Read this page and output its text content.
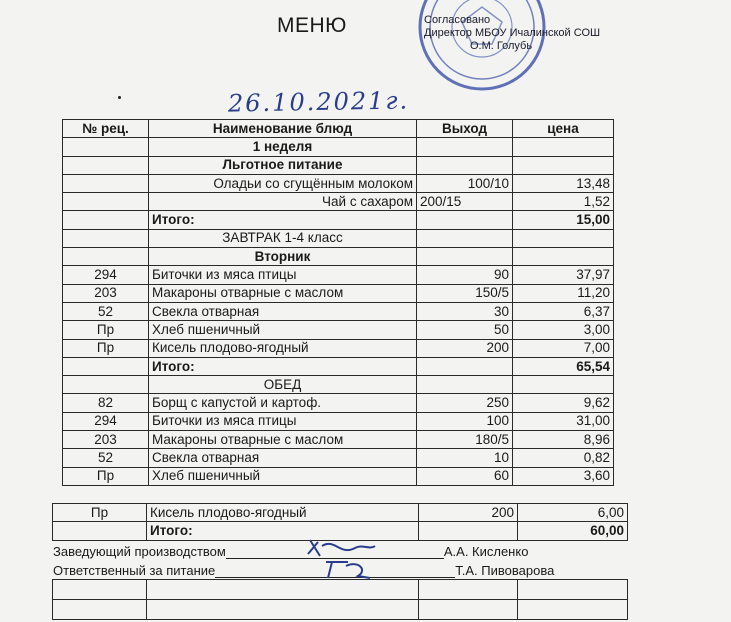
МЕНЮ	Согласовано
Директор МБОУ Ичалинской СОШ
О.М. Голубь
26.10.2021г.
№ рец.	Наименование блюд	Выход	цена
	1 неделя		
	Льготное питание		
	Оладьи со сгущённым молоком	100/10	13,48
	Чай с сахаром	200/15	1,52
	Итого:		15,00
	ЗАВТРАК 1-4 класс		
	Вторник		
294	Биточки из мяса птицы	90	37,97
203	Макароны отварные с маслом	150/5	11,20
52	Свекла отварная	30	6,37
Пр	Хлеб пшеничный	50	3,00
Пр	Кисель плодово-ягодный	200	7,00
	Итого:		65,54
	ОБЕД		
82	Борщ с капустой и картоф.	250	9,62
294	Биточки из мяса птицы	100	31,00
203	Макароны отварные с маслом	180/5	8,96
52	Свекла отварная	10	0,82
Пр	Хлеб пшеничный	60	3,60
Пр	Кисель плодово-ягодный	200	6,00
	Итого:		60,00
Заведующий производством	А.А. Кисленко
Ответственный за питание	Т.А. Пивоварова
